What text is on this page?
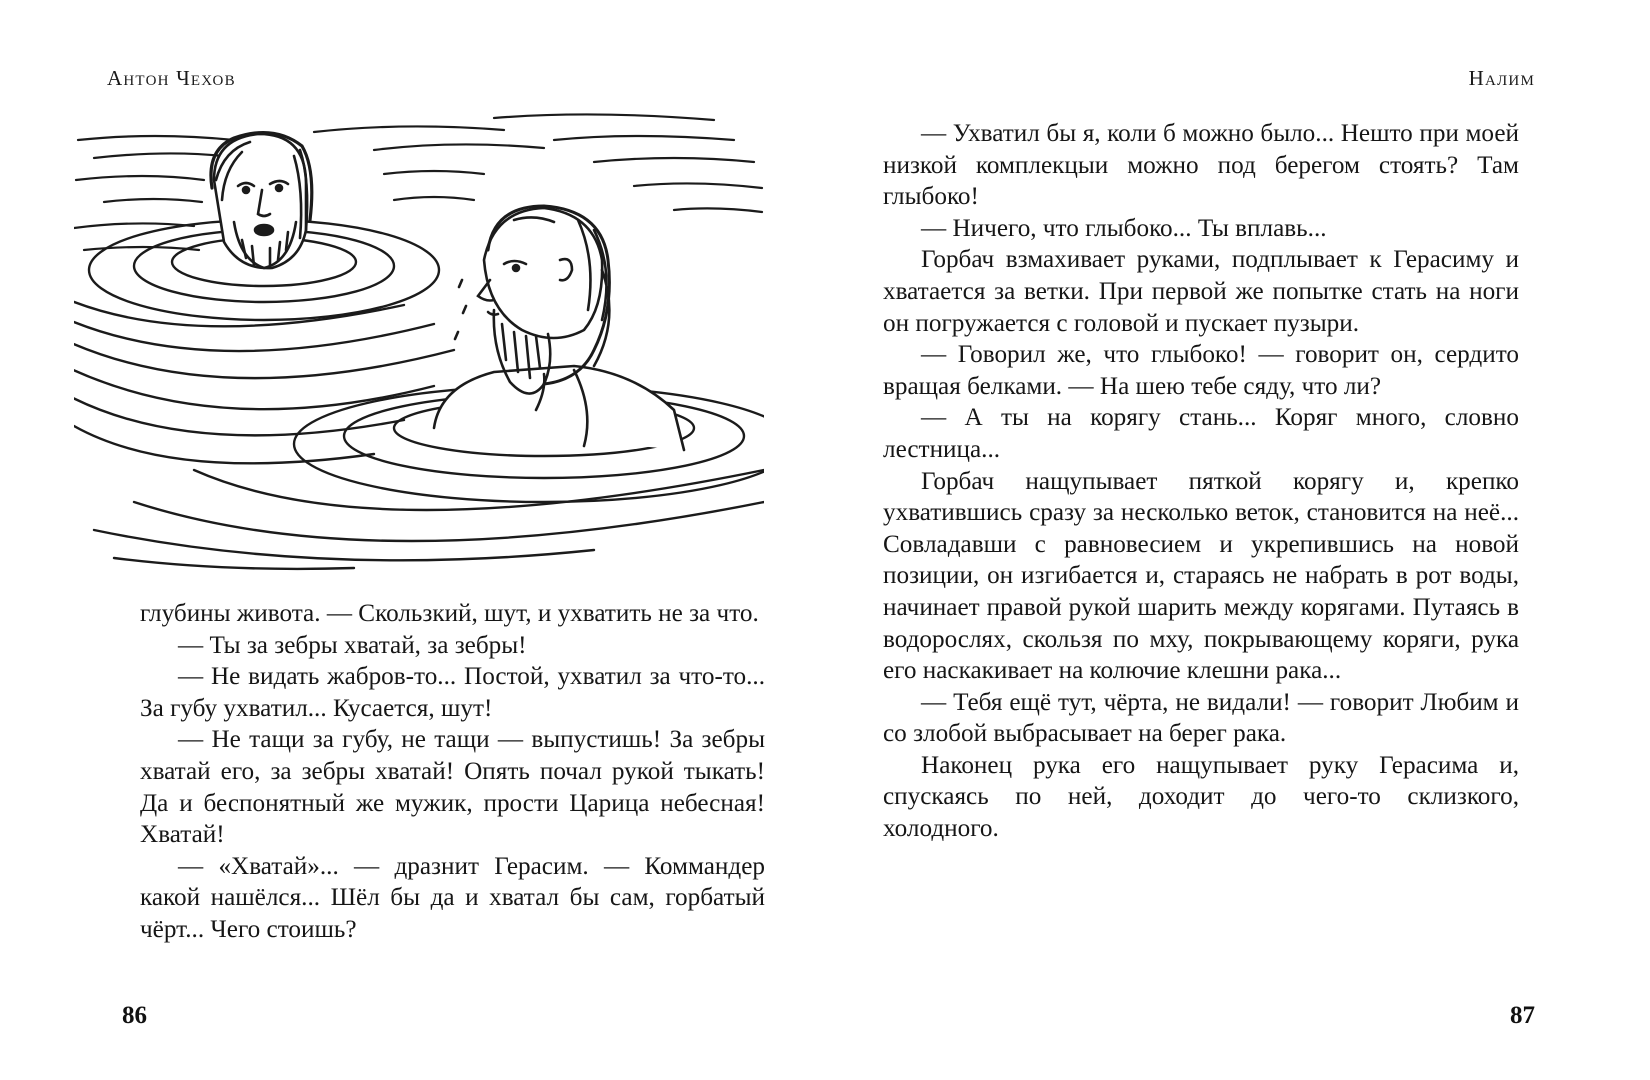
Антон Чехов

глубины живота. — Скользкий, шут, и ухватить не за что.

— Ты за зебры хватай, за зебры!

— Не видать жабров-то... Постой, ухватил за что-то... За губу ухватил... Кусается, шут!

— Не тащи за губу, не тащи — выпустишь! За зебры хватай его, за зебры хватай! Опять почал рукой тыкать! Да и беспонятный же мужик, прости Царица небесная! Хватай!

— «Хватай»... — дразнит Герасим. — Коммандер какой нашёлся... Шёл бы да и хватал бы сам, горбатый чёрт... Чего стоишь?

86
Налим

— Ухватил бы я, коли б можно было... Нешто при моей низкой комплекцыи можно под берегом стоять? Там глыбоко!

— Ничего, что глыбоко... Ты вплавь...

Горбач взмахивает руками, подплывает к Герасиму и хватается за ветки. При первой же попытке стать на ноги он погружается с головой и пускает пузыри.

— Говорил же, что глыбоко! — говорит он, сердито вращая белками. — На шею тебе сяду, что ли?

— А ты на корягу стань... Коряг много, словно лестница...

Горбач нащупывает пяткой корягу и, крепко ухватившись сразу за несколько веток, становится на неё... Совладавши с равновесием и укрепившись на новой позиции, он изгибается и, стараясь не набрать в рот воды, начинает правой рукой шарить между корягами. Путаясь в водорослях, скользя по мху, покрывающему коряги, рука его наскакивает на колючие клешни рака...

— Тебя ещё тут, чёрта, не видали! — говорит Любим и со злобой выбрасывает на берег рака.

Наконец рука его нащупывает руку Герасима и, спускаясь по ней, доходит до чего-то склизкого, холодного.

87
